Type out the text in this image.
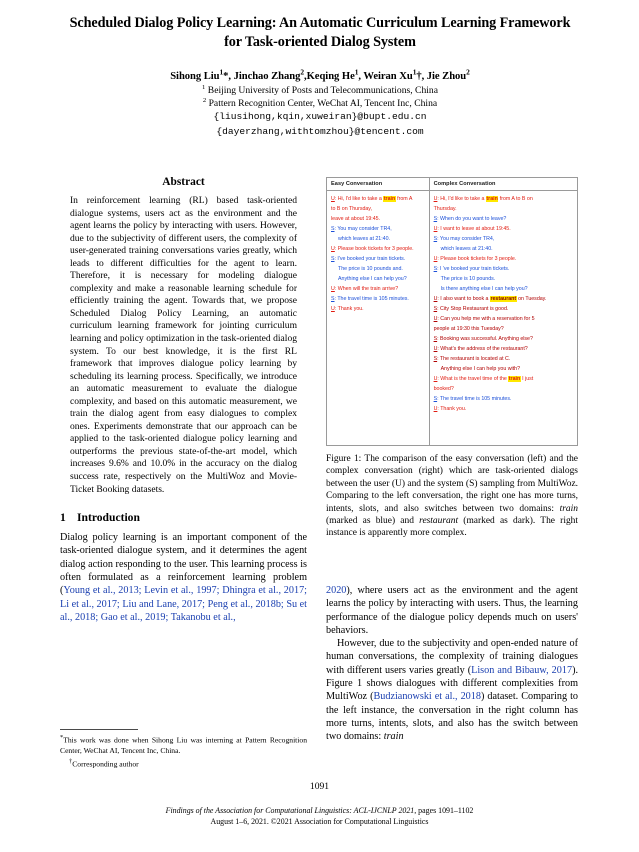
Scheduled Dialog Policy Learning: An Automatic Curriculum Learning Framework for Task-oriented Dialog System
Sihong Liu$^1$*, Jinchao Zhang$^2$,Keqing He$^1$, Weiran Xu$^1$†, Jie Zhou$^2$
$^1$ Beijing University of Posts and Telecommunications, China
$^2$ Pattern Recognition Center, WeChat AI, Tencent Inc, China
{liusihong,kqin,xuweiran}@bupt.edu.cn
{dayerzhang,withtomzhou}@tencent.com
Abstract

In reinforcement learning (RL) based task-oriented dialogue systems, users act as the environment and the agent learns the policy by interacting with users. However, due to the subjectivity of different users, the complexity of user-generated training conversations varies greatly, which leads to different difficulties for the agent to learn. Therefore, it is necessary for modeling dialogue complexity and make a reasonable learning schedule for efficiently training the agent. Towards that, we propose Scheduled Dialog Policy Learning, an automatic curriculum learning framework for jointing curriculum learning and policy optimization in the task-oriented dialog system. To our best knowledge, it is the first RL framework that improves dialogue policy learning by scheduling its learning process. Specifically, we introduce an automatic measurement to evaluate the dialogue complexity, and based on this automatic measurement, we train the dialog agent from easy dialogues to complex ones. Experiments demonstrate that our approach can be applied to the task-oriented dialogue policy learning and outperforms the previous state-of-the-art model, which increases 9.6% and 10.0% in the accuracy on the dialog success rate, respectively on the MultiWoz and Movie-Ticket Booking datasets.

1 Introduction

Dialog policy learning is an important component of the task-oriented dialogue system, and it determines the agent dialog action responding to the user. This learning process is often formulated as a reinforcement learning problem (Young et al., 2013; Levin et al., 1997; Dhingra et al., 2017; Li et al., 2017; Liu and Lane, 2017; Peng et al., 2018b; Su et al., 2018; Gao et al., 2019; Takanobu et al.,

*This work was done when Sihong Liu was interning at Pattern Recognition Center, WeChat AI, Tencent Inc, China.

†Corresponding author

Easy Conversation
U: Hi, I'd like to take a train from A
to B on Thursday,
leave at about 19:45.
S: You may consider TR4,
which leaves at 21:40.
U: Please book tickets for 3 people.
S: I've booked your train tickets.
The price is 10 pounds and.
Anything else I can help you?
U: When will the train arrive?
S: The travel time is 105 minutes.
U: Thank you.
Complex Conversation
U: Hi, I'd like to take a train from A to B on
Thursday.
S: When do you want to leave?
U: I want to leave at about 19:45.
S: You may consider TR4,
which leaves at 21:40.
U: Please book tickets for 3 people.
S: I 've booked your train tickets.
The price is 10 pounds.
Is there anything else I can help you?
U: I also want to book a restaurant on Tuesday.
S: City Stop Restaurant is good.
U: Can you help me with a reservation for 5
people at 19:30 this Tuesday?
S: Booking was successful. Anything else?
U: What's the address of the restaurant?
S: The restaurant is located at C.
Anything else I can help you with?
U: What is the travel time of the train I just
booked?
S: The travel time is 105 minutes.
U: Thank you.
Figure 1: The comparison of the easy conversation (left) and the complex conversation (right) which are task-oriented dialogs between the user (U) and the system (S) sampling from MultiWoz. Comparing to the left conversation, the right one has more turns, intents, slots, and also switches between two domains: train (marked as blue) and restaurant (marked as dark). The right instance is apparently more complex.

2020), where users act as the environment and the agent learns the policy by interacting with users. Thus, the learning performance of the dialogue policy depends much on users' behaviors.

However, due to the subjectivity and open-ended nature of human conversations, the complexity of training dialogues with different users varies greatly (Lison and Bibauw, 2017). Figure 1 shows dialogues with different complexities from MultiWoz (Budzianowski et al., 2018) dataset. Comparing to the left instance, the conversation in the right column has more turns, intents, slots, and also has the switch between two domains: train

1091
Findings of the Association for Computational Linguistics: ACL-IJCNLP 2021, pages 1091–1102
August 1–6, 2021. ©2021 Association for Computational Linguistics
